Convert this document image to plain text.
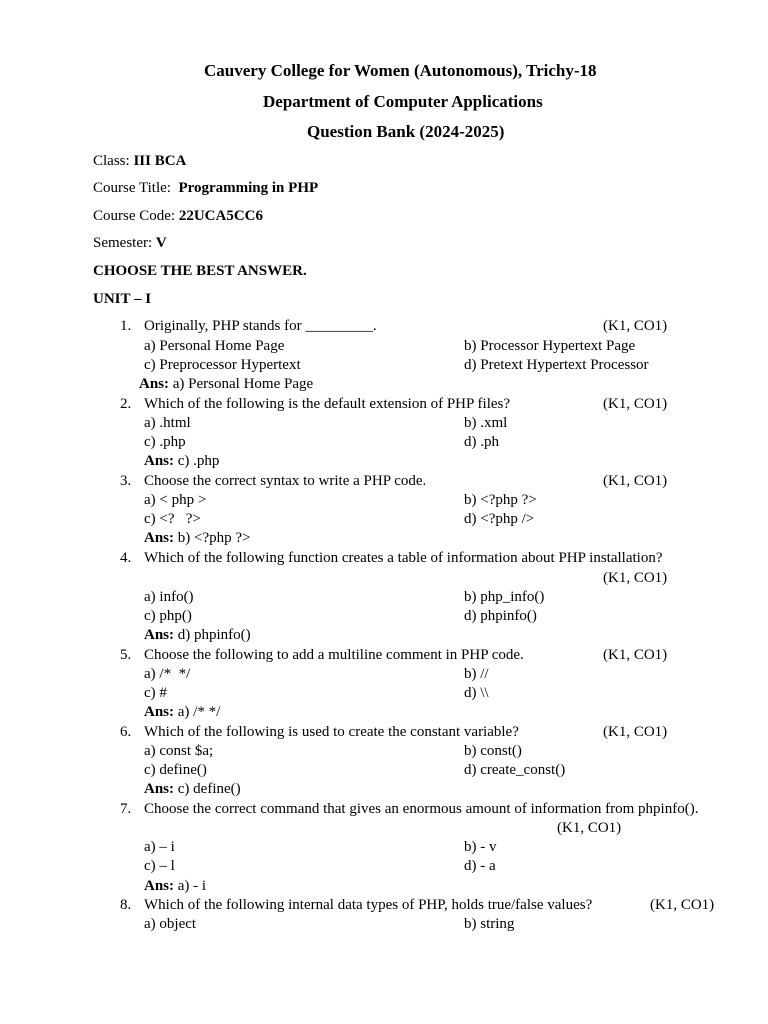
Cauvery College for Women (Autonomous), Trichy-18
Department of Computer Applications
Question Bank (2024-2025)
Class: III BCA
Course Title: Programming in PHP
Course Code: 22UCA5CC6
Semester: V
CHOOSE THE BEST ANSWER.
UNIT – I
1. Originally, PHP stands for _________.	(K1, CO1)
a) Personal Home Page	b) Processor Hypertext Page
c) Preprocessor Hypertext	d) Pretext Hypertext Processor
Ans: a) Personal Home Page
2. Which of the following is the default extension of PHP files?	(K1, CO1)
a) .html	b) .xml
c) .php	d) .ph
Ans: c) .php
3. Choose the correct syntax to write a PHP code.	(K1, CO1)
a) < php >	b) <?php ?>
c) <?   ?>	d) <?php />
Ans: b) <?php ?>
4. Which of the following function creates a table of information about PHP installation?
(K1, CO1)
a) info()	b) php_info()
c) php()	d) phpinfo()
Ans: d) phpinfo()
5. Choose the following to add a multiline comment in PHP code.	(K1, CO1)
a) /*  */	b) //
c) #	d) \\
Ans: a) /* */
6. Which of the following is used to create the constant variable?	(K1, CO1)
a) const $a;	b) const()
c) define()	d) create_const()
Ans: c) define()
7. Choose the correct command that gives an enormous amount of information from phpinfo().
(K1, CO1)
a) – i	b) - v
c) – l	d) - a
Ans: a) - i
8. Which of the following internal data types of PHP, holds true/false values?	(K1, CO1)
a) object	b) string
